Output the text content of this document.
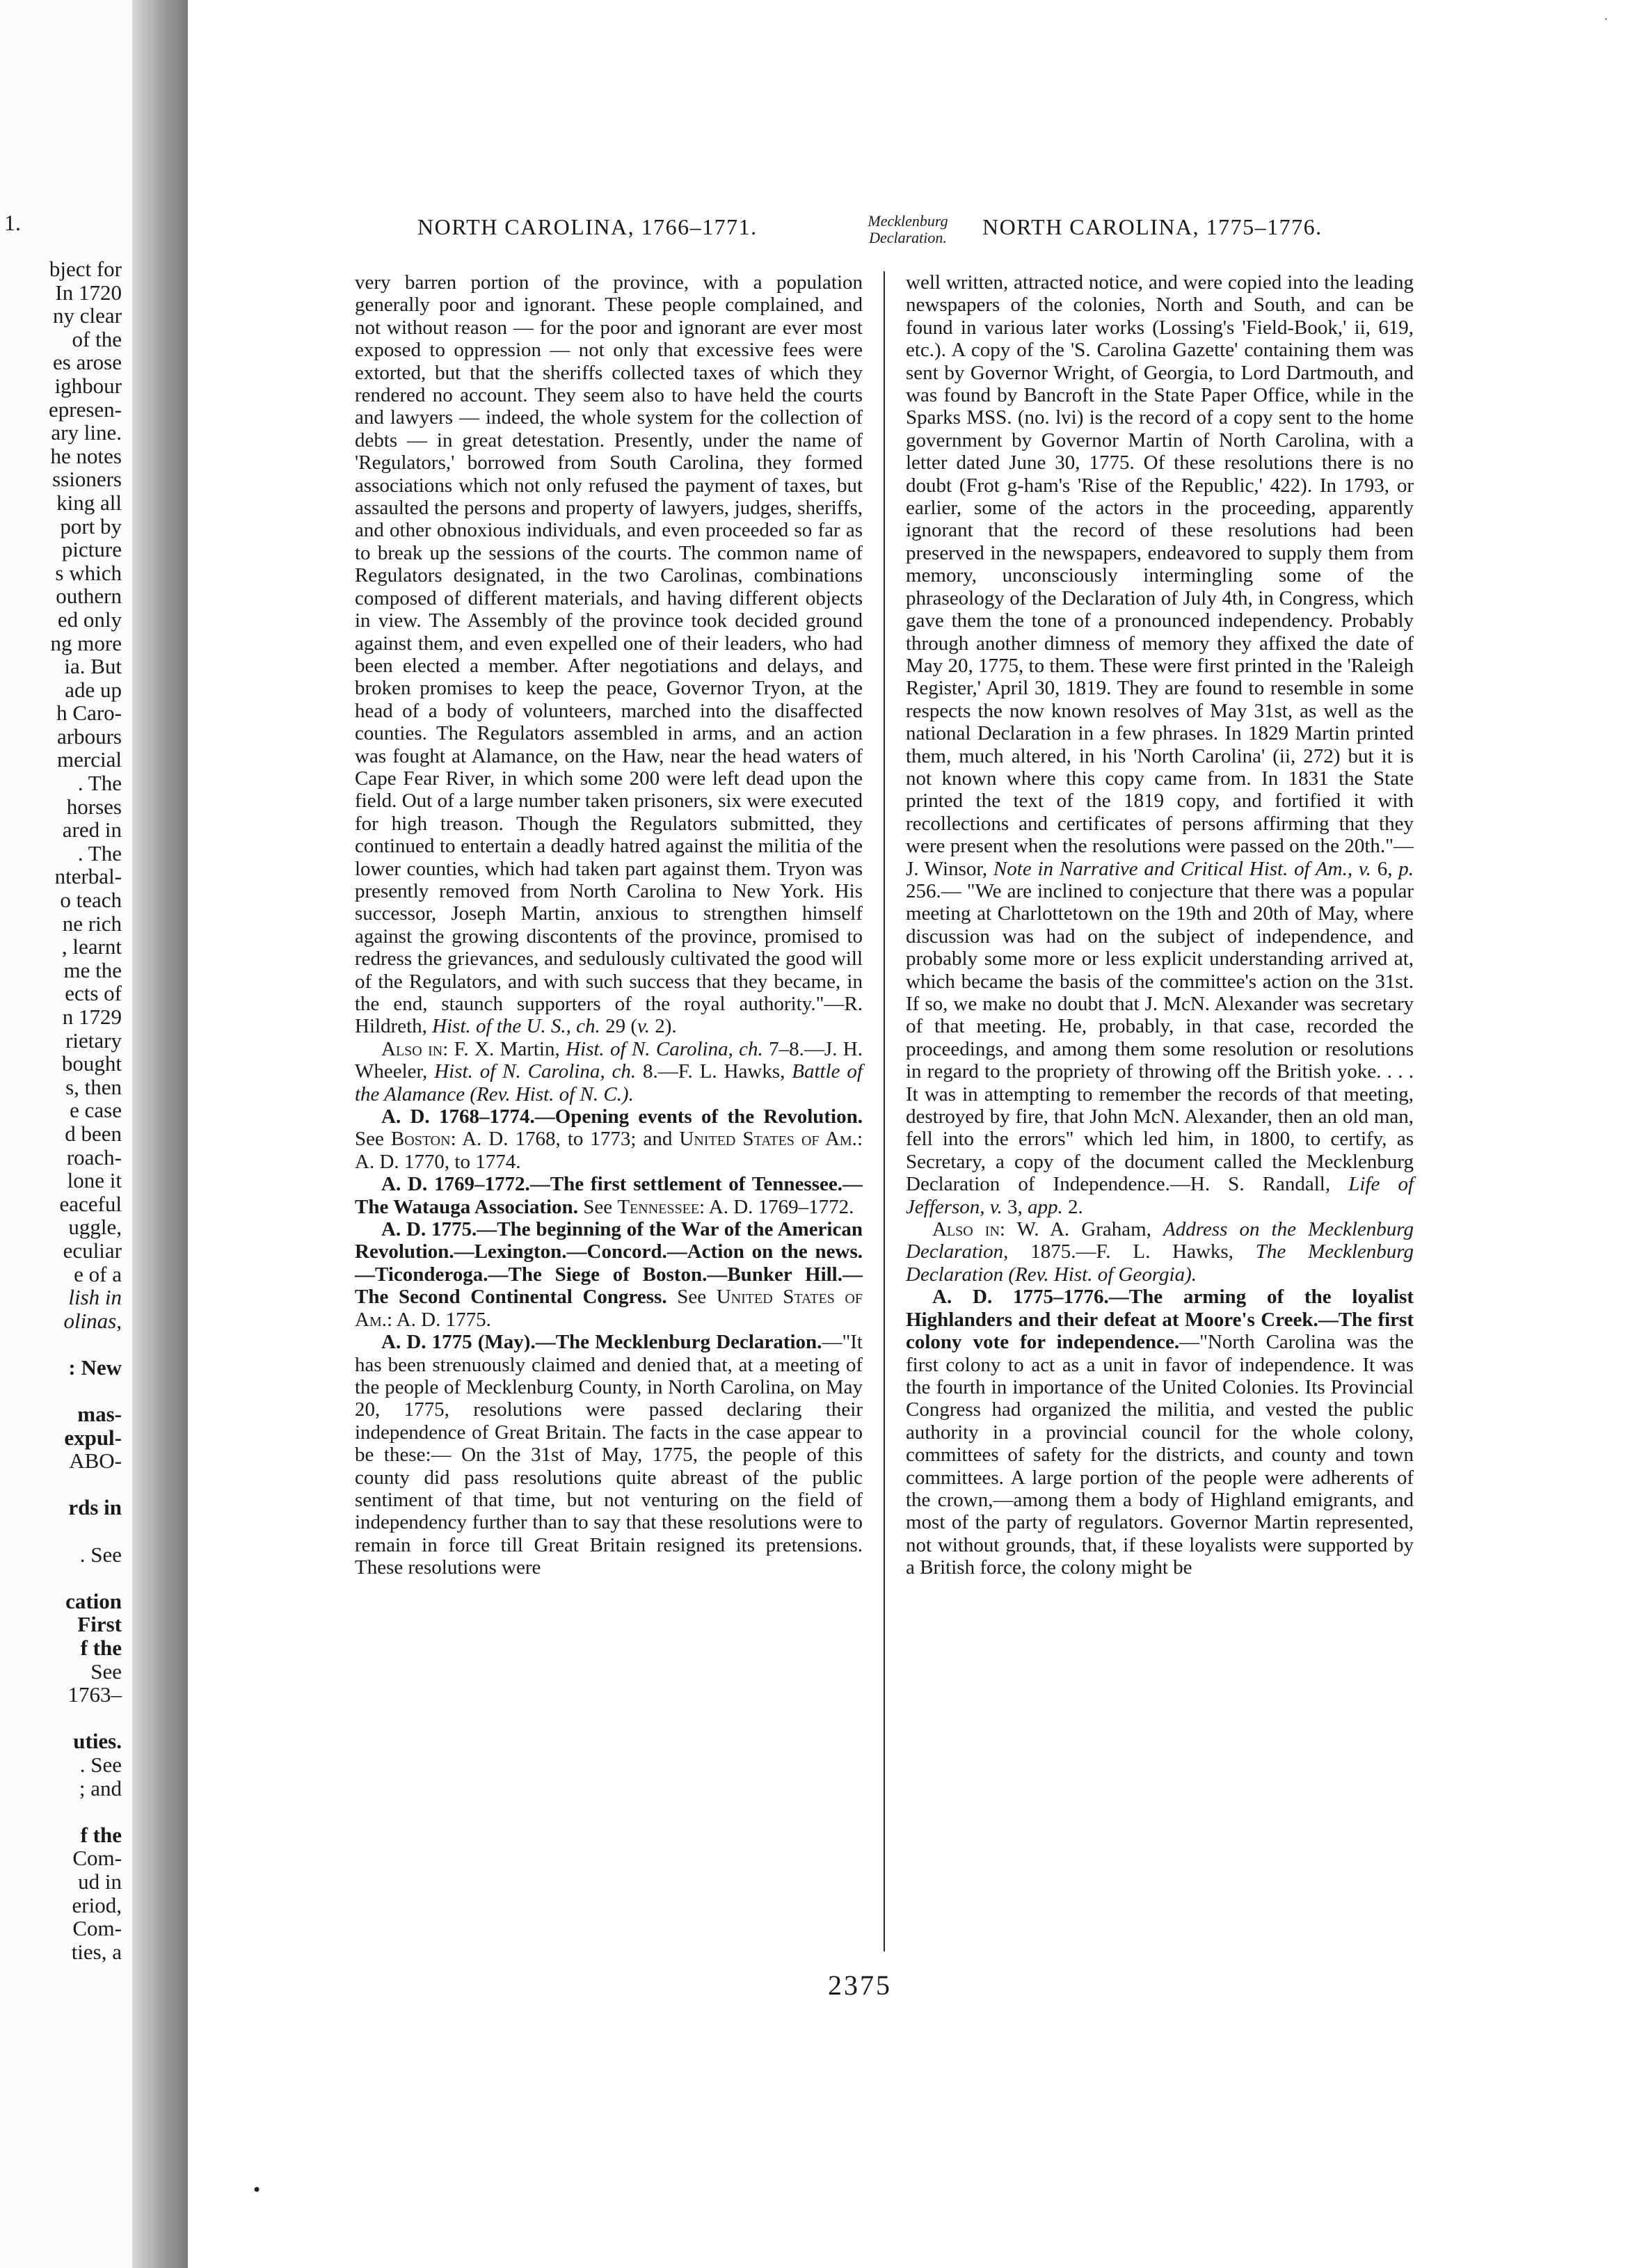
1.
bject for
In 1720
ny clear
of the
es arose
ighbour
epresen-
ary line.
he notes
ssioners
king all
port by
picture
s which
outhern
ed only
ng more
ia. But
ade up
h Caro-
arbours
mercial
. The
horses
ared in
. The
nterbal-
o teach
ne rich
, learnt
me the
ects of
n 1729
rietary
bought
s, then
e case
d been
roach-
lone it
eaceful
uggle,
eculiar
e of a
lish in
olinas,

: New

mas-
expul-
ABO-

rds in

. See

cation
First
f the
See
1763–

uties.
. See
; and

f the
Com-
ud in
eriod,
Com-
ties, a
•
·
NORTH CAROLINA, 1766–1771.	Mecklenburg
Declaration.	NORTH CAROLINA, 1775–1776.

very barren portion of the province, with a population generally poor and ignorant. These people complained, and not without reason — for the poor and ignorant are ever most exposed to oppression — not only that excessive fees were extorted, but that the sheriffs collected taxes of which they rendered no account. They seem also to have held the courts and lawyers — indeed, the whole system for the collection of debts — in great detestation. Presently, under the name of 'Regulators,' borrowed from South Carolina, they formed associations which not only refused the payment of taxes, but assaulted the persons and property of lawyers, judges, sheriffs, and other obnoxious individuals, and even proceeded so far as to break up the sessions of the courts. The common name of Regulators designated, in the two Carolinas, combinations composed of different materials, and having different objects in view. The Assembly of the province took decided ground against them, and even expelled one of their leaders, who had been elected a member. After negotiations and delays, and broken promises to keep the peace, Governor Tryon, at the head of a body of volunteers, marched into the disaffected counties. The Regulators assembled in arms, and an action was fought at Alamance, on the Haw, near the head waters of Cape Fear River, in which some 200 were left dead upon the field. Out of a large number taken prisoners, six were executed for high treason. Though the Regulators submitted, they continued to entertain a deadly hatred against the militia of the lower counties, which had taken part against them. Tryon was presently removed from North Carolina to New York. His successor, Joseph Martin, anxious to strengthen himself against the growing discontents of the province, promised to redress the grievances, and sedulously cultivated the good will of the Regulators, and with such success that they became, in the end, staunch supporters of the royal authority."—R. Hildreth, Hist. of the U. S., ch. 29 (v. 2).

Also in: F. X. Martin, Hist. of N. Carolina, ch. 7–8.—J. H. Wheeler, Hist. of N. Carolina, ch. 8.—F. L. Hawks, Battle of the Alamance (Rev. Hist. of N. C.).

A. D. 1768–1774.—Opening events of the Revolution. See Boston: A. D. 1768, to 1773; and United States of Am.: A. D. 1770, to 1774.

A. D. 1769–1772.—The first settlement of Tennessee.—The Watauga Association. See Tennessee: A. D. 1769–1772.

A. D. 1775.—The beginning of the War of the American Revolution.—Lexington.—Concord.—Action on the news.—Ticonderoga.—The Siege of Boston.—Bunker Hill.—The Second Continental Congress. See United States of Am.: A. D. 1775.

A. D. 1775 (May).—The Mecklenburg Declaration.—"It has been strenuously claimed and denied that, at a meeting of the people of Mecklenburg County, in North Carolina, on May 20, 1775, resolutions were passed declaring their independence of Great Britain. The facts in the case appear to be these:— On the 31st of May, 1775, the people of this county did pass resolutions quite abreast of the public sentiment of that time, but not venturing on the field of independency further than to say that these resolutions were to remain in force till Great Britain resigned its pretensions. These resolutions were

well written, attracted notice, and were copied into the leading newspapers of the colonies, North and South, and can be found in various later works (Lossing's 'Field-Book,' ii, 619, etc.). A copy of the 'S. Carolina Gazette' containing them was sent by Governor Wright, of Georgia, to Lord Dartmouth, and was found by Bancroft in the State Paper Office, while in the Sparks MSS. (no. lvi) is the record of a copy sent to the home government by Governor Martin of North Carolina, with a letter dated June 30, 1775. Of these resolutions there is no doubt (Frot g-ham's 'Rise of the Republic,' 422). In 1793, or earlier, some of the actors in the proceeding, apparently ignorant that the record of these resolutions had been preserved in the newspapers, endeavored to supply them from memory, unconsciously intermingling some of the phraseology of the Declaration of July 4th, in Congress, which gave them the tone of a pronounced independency. Probably through another dimness of memory they affixed the date of May 20, 1775, to them. These were first printed in the 'Raleigh Register,' April 30, 1819. They are found to resemble in some respects the now known resolves of May 31st, as well as the national Declaration in a few phrases. In 1829 Martin printed them, much altered, in his 'North Carolina' (ii, 272) but it is not known where this copy came from. In 1831 the State printed the text of the 1819 copy, and fortified it with recollections and certificates of persons affirming that they were present when the resolutions were passed on the 20th."—J. Winsor, Note in Narrative and Critical Hist. of Am., v. 6, p. 256.— "We are inclined to conjecture that there was a popular meeting at Charlottetown on the 19th and 20th of May, where discussion was had on the subject of independence, and probably some more or less explicit understanding arrived at, which became the basis of the committee's action on the 31st. If so, we make no doubt that J. McN. Alexander was secretary of that meeting. He, probably, in that case, recorded the proceedings, and among them some resolution or resolutions in regard to the propriety of throwing off the British yoke. . . . It was in attempting to remember the records of that meeting, destroyed by fire, that John McN. Alexander, then an old man, fell into the errors" which led him, in 1800, to certify, as Secretary, a copy of the document called the Mecklenburg Declaration of Independence.—H. S. Randall, Life of Jefferson, v. 3, app. 2.

Also in: W. A. Graham, Address on the Mecklenburg Declaration, 1875.—F. L. Hawks, The Mecklenburg Declaration (Rev. Hist. of Georgia).

A. D. 1775–1776.—The arming of the loyalist Highlanders and their defeat at Moore's Creek.—The first colony vote for independence.—"North Carolina was the first colony to act as a unit in favor of independence. It was the fourth in importance of the United Colonies. Its Provincial Congress had organized the militia, and vested the public authority in a provincial council for the whole colony, committees of safety for the districts, and county and town committees. A large portion of the people were adherents of the crown,—among them a body of Highland emigrants, and most of the party of regulators. Governor Martin represented, not without grounds, that, if these loyalists were supported by a British force, the colony might be

2375
